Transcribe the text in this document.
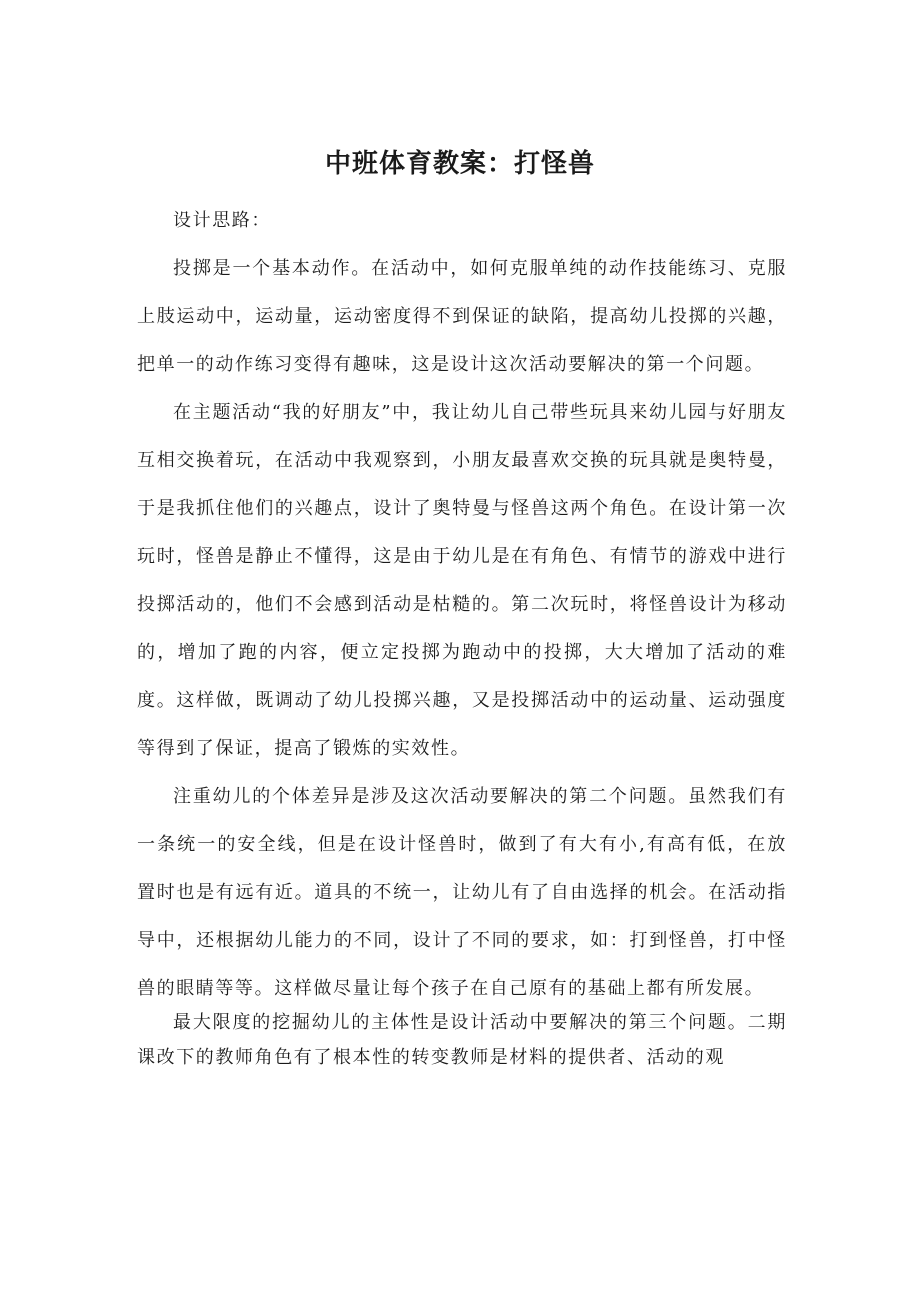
中班体育教案：打怪兽

设计思路：

投掷是一个基本动作。在活动中，如何克服单纯的动作技能练习、克服上肢运动中，运动量，运动密度得不到保证的缺陷，提高幼儿投掷的兴趣，把单一的动作练习变得有趣味，这是设计这次活动要解决的第一个问题。

在主题活动“我的好朋友”中，我让幼儿自己带些玩具来幼儿园与好朋友互相交换着玩，在活动中我观察到，小朋友最喜欢交换的玩具就是奥特曼，于是我抓住他们的兴趣点，设计了奥特曼与怪兽这两个角色。在设计第一次玩时，怪兽是静止不懂得，这是由于幼儿是在有角色、有情节的游戏中进行投掷活动的，他们不会感到活动是枯糙的。第二次玩时，将怪兽设计为移动的，增加了跑的内容，便立定投掷为跑动中的投掷，大大增加了活动的难度。这样做，既调动了幼儿投掷兴趣，又是投掷活动中的运动量、运动强度等得到了保证，提高了锻炼的实效性。

注重幼儿的个体差异是涉及这次活动要解决的第二个问题。虽然我们有一条统一的安全线，但是在设计怪兽时，做到了有大有小,有高有低，在放置时也是有远有近。道具的不统一，让幼儿有了自由选择的机会。在活动指导中，还根据幼儿能力的不同，设计了不同的要求，如：打到怪兽，打中怪兽的眼睛等等。这样做尽量让每个孩子在自己原有的基础上都有所发展。

最大限度的挖掘幼儿的主体性是设计活动中要解决的第三个问题。二期课改下的教师角色有了根本性的转变教师是材料的提供者、活动的观
